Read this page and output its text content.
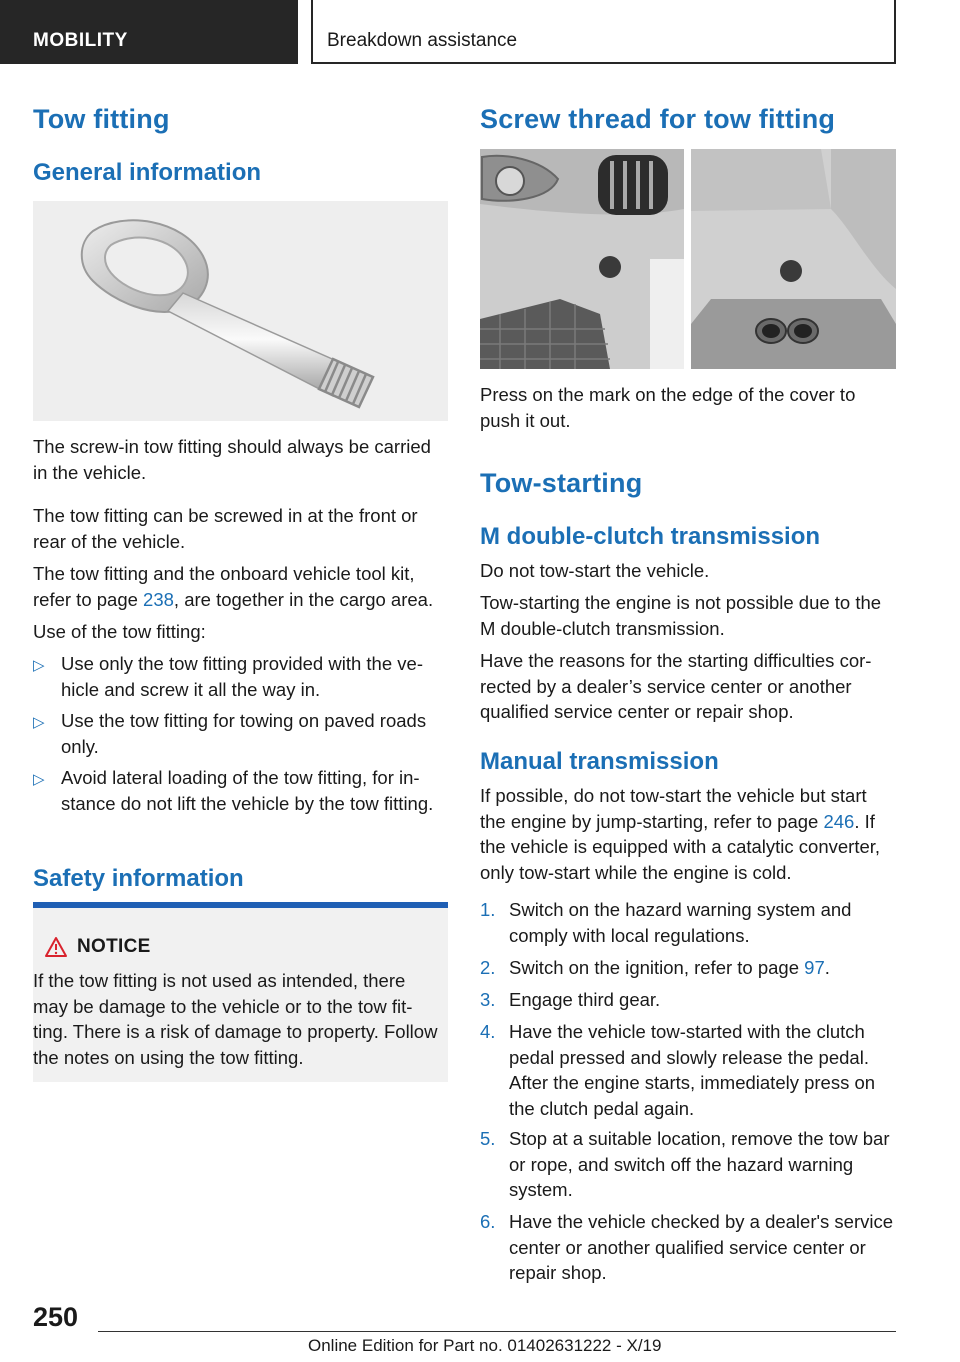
MOBILITY	Breakdown assistance
Tow fitting
General information

The screw-in tow fitting should always be carried in the vehicle.

The tow fitting can be screwed in at the front or rear of the vehicle.

The tow fitting and the onboard vehicle tool kit, refer to page 238, are together in the cargo area.

Use of the tow fitting:

▷ Use only the tow fitting provided with the vehicle and screw it all the way in.

▷ Use the tow fitting for towing on paved roads only.

▷ Avoid lateral loading of the tow fitting, for instance do not lift the vehicle by the tow fitting.

Safety information
NOTICE

If the tow fitting is not used as intended, there may be damage to the vehicle or to the tow fitting. There is a risk of damage to property. Follow the notes on using the tow fitting.

Screw thread for tow fitting

Press on the mark on the edge of the cover to push it out.

Tow-starting
M double-clutch transmission

Do not tow-start the vehicle.

Tow-starting the engine is not possible due to the M double-clutch transmission.

Have the reasons for the starting difficulties corrected by a dealer’s service center or another qualified service center or repair shop.

Manual transmission

If possible, do not tow-start the vehicle but start the engine by jump-starting, refer to page 246. If the vehicle is equipped with a catalytic converter, only tow-start while the engine is cold.

1. Switch on the hazard warning system and comply with local regulations.

2. Switch on the ignition, refer to page 97.

3. Engage third gear.

4. Have the vehicle tow-started with the clutch pedal pressed and slowly release the pedal. After the engine starts, immediately press on the clutch pedal again.

5. Stop at a suitable location, remove the tow bar or rope, and switch off the hazard warning system.

6. Have the vehicle checked by a dealer's service center or another qualified service center or repair shop.

250
Online Edition for Part no. 01402631222 - X/19
